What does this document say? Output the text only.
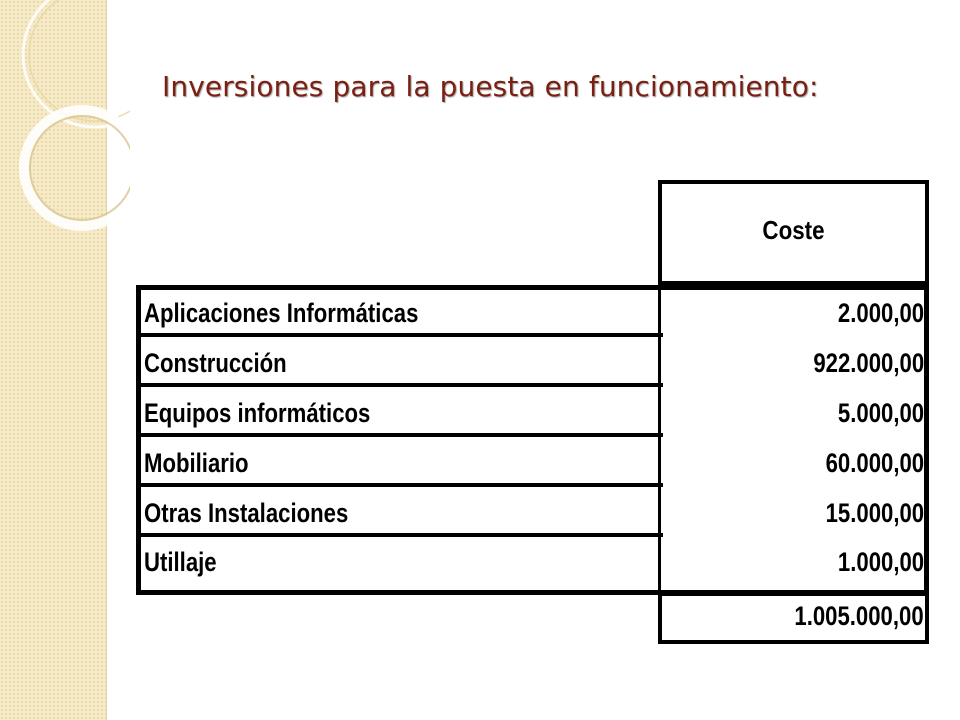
Inversiones para la puesta en funcionamiento:
Coste
Aplicaciones Informáticas	2.000,00
Construcción	922.000,00
Equipos informáticos	5.000,00
Mobiliario	60.000,00
Otras Instalaciones	15.000,00
Utillaje	1.000,00
1.005.000,00
